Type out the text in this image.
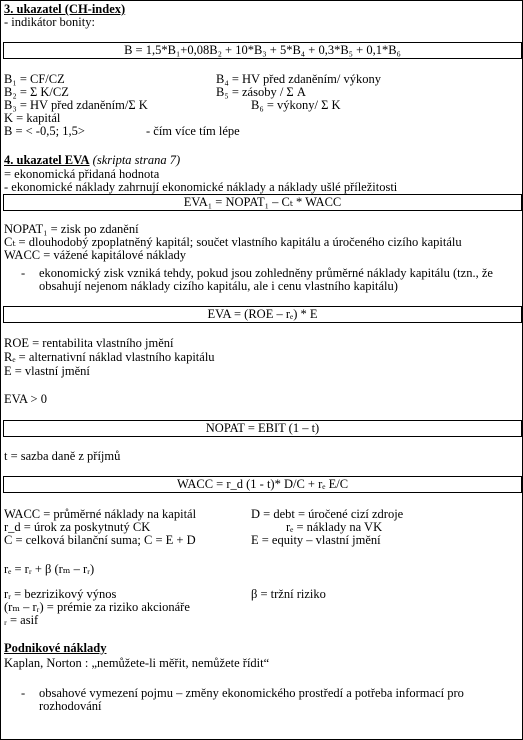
3. ukazatel (CH-index)
- indikátor bonity:
B = 1,5*B₁+0,08B₂ + 10*B₃ + 5*B₄ + 0,3*B₅ + 0,1*B₆
B₁ = CF/CZ	B₄ = HV před zdaněním/ výkony
B₂ = Σ K/CZ	B₅ = zásoby / Σ A
B₃ = HV před zdaněním/Σ K	B₆ = výkony/ Σ K
K = kapitál
B = < -0,5; 1,5>	- čím více tím lépe
4. ukazatel EVA (skripta strana 7)
= ekonomická přidaná hodnota
- ekonomické náklady zahrnují ekonomické náklady a náklady ušlé příležitosti
EVA₁ = NOPAT₁ – Cₜ * WACC
NOPAT₁ = zisk po zdanění
Cₜ = dlouhodobý zpoplatněný kapitál; součet vlastního kapitálu a úročeného cizího kapitálu
WACC = vážené kapitálové náklady
- ekonomický zisk vzniká tehdy, pokud jsou zohledněny průměrné náklady kapitálu (tzn., že
obsahují nejenom náklady cizího kapitálu, ale i cenu vlastního kapitálu)
EVA = (ROE – rₑ) * E
ROE = rentabilita vlastního jmění
Rₑ = alternativní náklad vlastního kapitálu
E = vlastní jmění
EVA > 0
NOPAT = EBIT (1 – t)
t = sazba daně z příjmů
WACC = r_d (1 - t)* D/C + rₑ E/C
WACC = průměrné náklady na kapitál	D = debt = úročené cizí zdroje
r_d = úrok za poskytnutý CK	rₑ = náklady na VK
C = celková bilanční suma; C = E + D	E = equity – vlastní jmění
rₑ = rᵣ + β (rₘ – rᵣ)
rᵣ = bezrizikový výnos	β = tržní riziko
(rₘ – rᵣ) = prémie za riziko akcionáře
ᵣ = asif
Podnikové náklady
Kaplan, Norton : „nemůžete-li měřit, nemůžete řídit“
- obsahové vymezení pojmu – změny ekonomického prostředí a potřeba informací pro
rozhodování
